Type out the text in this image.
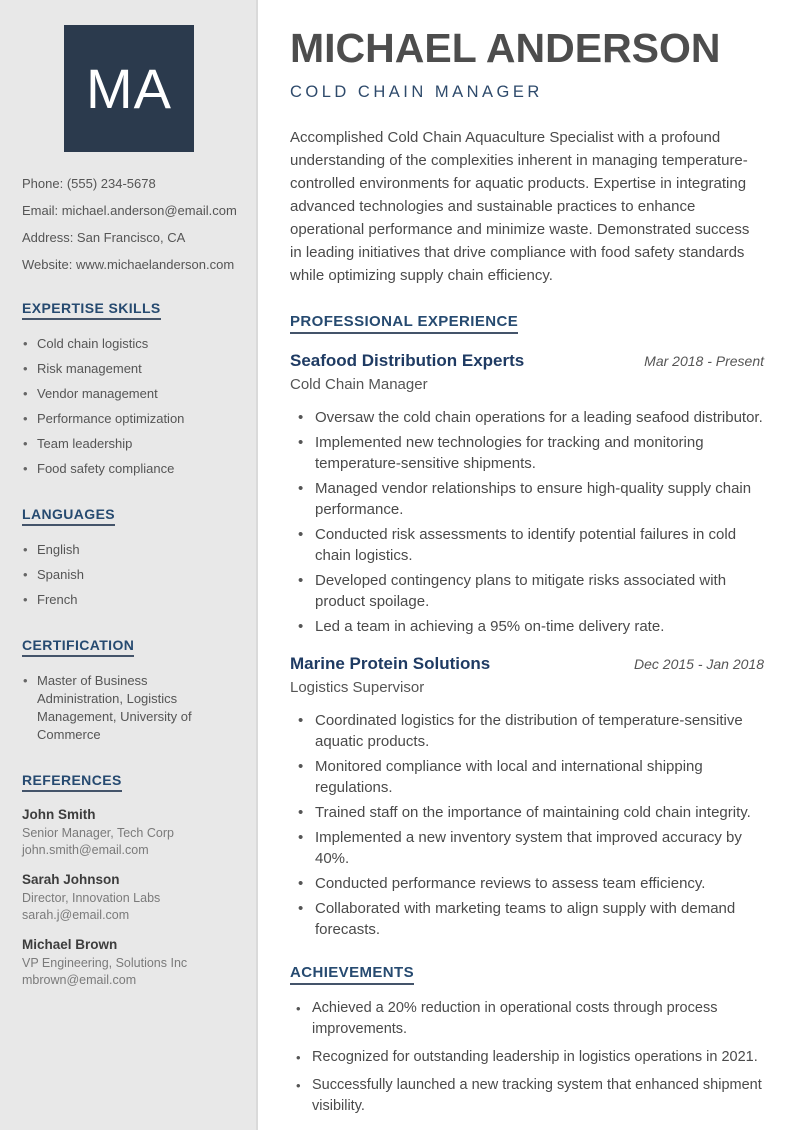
MA
Phone: (555) 234-5678
Email: michael.anderson@email.com
Address: San Francisco, CA
Website: www.michaelanderson.com
EXPERTISE SKILLS
• Cold chain logistics
• Risk management
• Vendor management
• Performance optimization
• Team leadership
• Food safety compliance
LANGUAGES
• English
• Spanish
• French
CERTIFICATION
• Master of Business Administration, Logistics Management, University of Commerce
REFERENCES
John Smith
Senior Manager, Tech Corp
john.smith@email.com
Sarah Johnson
Director, Innovation Labs
sarah.j@email.com
Michael Brown
VP Engineering, Solutions Inc
mbrown@email.com
MICHAEL ANDERSON
COLD CHAIN MANAGER

Accomplished Cold Chain Aquaculture Specialist with a profound understanding of the complexities inherent in managing temperature-controlled environments for aquatic products. Expertise in integrating advanced technologies and sustainable practices to enhance operational performance and minimize waste. Demonstrated success in leading initiatives that drive compliance with food safety standards while optimizing supply chain efficiency.

PROFESSIONAL EXPERIENCE
Seafood Distribution Experts	Mar 2018 - Present
Cold Chain Manager
• Oversaw the cold chain operations for a leading seafood distributor.
• Implemented new technologies for tracking and monitoring temperature-sensitive shipments.
• Managed vendor relationships to ensure high-quality supply chain performance.
• Conducted risk assessments to identify potential failures in cold chain logistics.
• Developed contingency plans to mitigate risks associated with product spoilage.
• Led a team in achieving a 95% on-time delivery rate.
Marine Protein Solutions	Dec 2015 - Jan 2018
Logistics Supervisor
• Coordinated logistics for the distribution of temperature-sensitive aquatic products.
• Monitored compliance with local and international shipping regulations.
• Trained staff on the importance of maintaining cold chain integrity.
• Implemented a new inventory system that improved accuracy by 40%.
• Conducted performance reviews to assess team efficiency.
• Collaborated with marketing teams to align supply with demand forecasts.
ACHIEVEMENTS
• Achieved a 20% reduction in operational costs through process improvements.
• Recognized for outstanding leadership in logistics operations in 2021.
• Successfully launched a new tracking system that enhanced shipment visibility.
